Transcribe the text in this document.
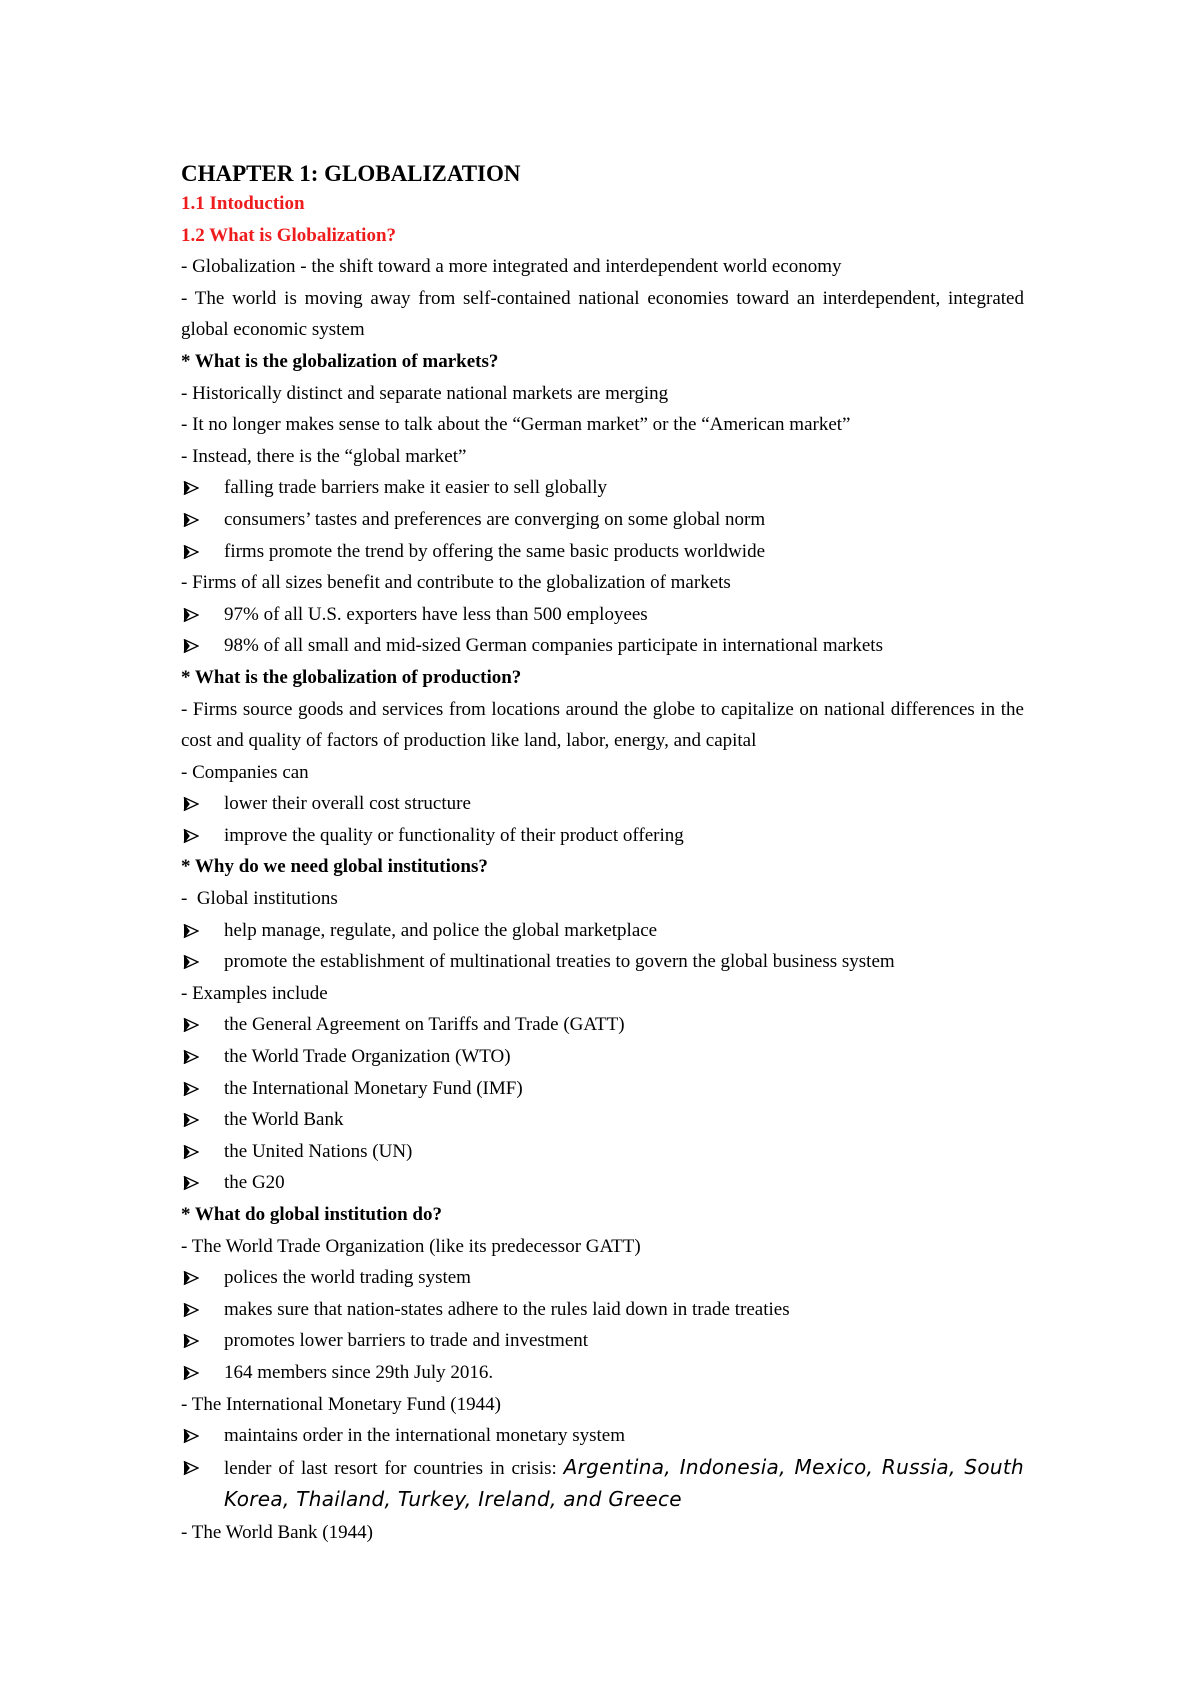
CHAPTER 1: GLOBALIZATION
1.1 Intoduction
1.2 What is Globalization?
- Globalization - the shift toward a more integrated and interdependent world economy
- The world is moving away from self-contained national economies toward an interdependent, integrated global economic system
* What is the globalization of markets?
- Historically distinct and separate national markets are merging
- It no longer makes sense to talk about the “German market” or the “American market”
- Instead, there is the “global market”
falling trade barriers make it easier to sell globally
consumers’ tastes and preferences are converging on some global norm
firms promote the trend by offering the same basic products worldwide
- Firms of all sizes benefit and contribute to the globalization of markets
97% of all U.S. exporters have less than 500 employees
98% of all small and mid-sized German companies participate in international markets
* What is the globalization of production?
- Firms source goods and services from locations around the globe to capitalize on national differences in the cost and quality of factors of production like land, labor, energy, and capital
- Companies can
lower their overall cost structure
improve the quality or functionality of their product offering
* Why do we need global institutions?
-  Global institutions
help manage, regulate, and police the global marketplace
promote the establishment of multinational treaties to govern the global business system
- Examples include
the General Agreement on Tariffs and Trade (GATT)
the World Trade Organization (WTO)
the International Monetary Fund (IMF)
the World Bank
the United Nations (UN)
the G20
* What do global institution do?
- The World Trade Organization (like its predecessor GATT)
polices the world trading system
makes sure that nation-states adhere to the rules laid down in trade treaties
promotes lower barriers to trade and investment
164 members since 29th July 2016.
- The International Monetary Fund (1944)
maintains order in the international monetary system
lender of last resort for countries in crisis: Argentina, Indonesia, Mexico, Russia, South Korea, Thailand, Turkey, Ireland, and Greece
- The World Bank (1944)
